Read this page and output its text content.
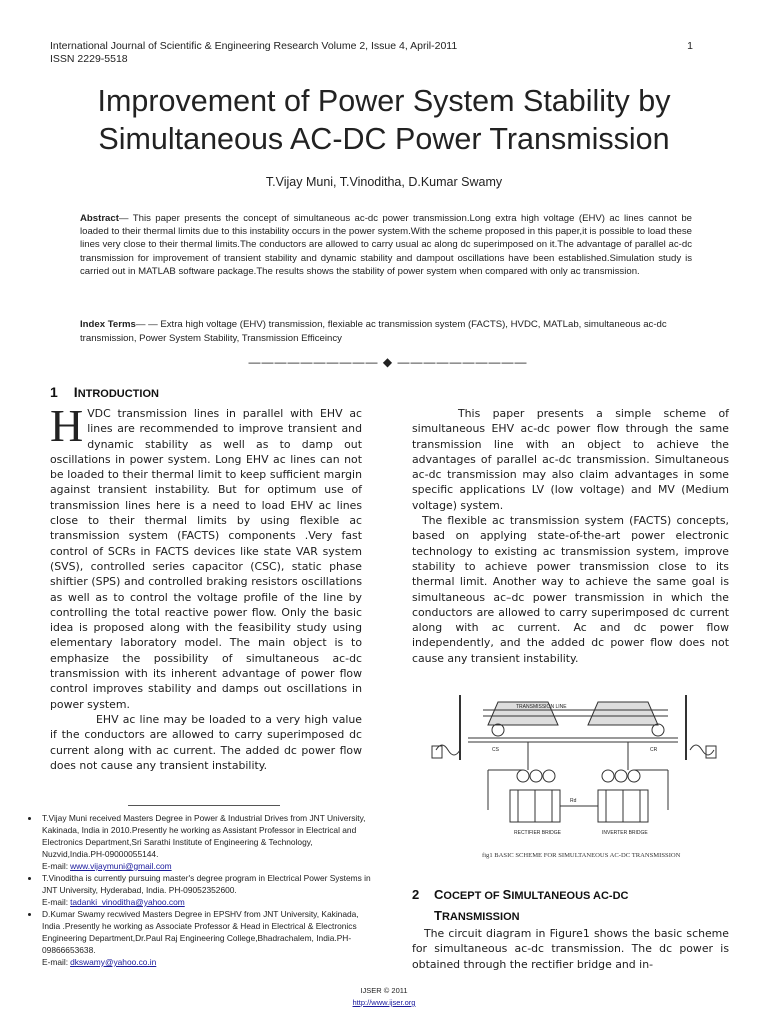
International Journal of Scientific & Engineering Research Volume 2, Issue 4, April-2011
ISSN 2229-5518
1
Improvement of Power System Stability by
Simultaneous AC-DC Power Transmission
T.Vijay Muni, T.Vinoditha, D.Kumar Swamy
Abstract— This paper presents the concept of simultaneous ac-dc power transmission.Long extra high voltage (EHV) ac lines cannot be loaded to their thermal limits due to this instability occurs in the power system.With the scheme proposed in this paper,it is possible to load these lines very close to their thermal limits.The conductors are allowed to carry usual ac along dc superimposed on it.The advantage of parallel ac-dc transmission for improvement of transient stability and dynamic stability and dampout oscillations have been established.Simulation study is carried out in MATLAB software package.The results shows the stability of power system when compared with only ac transmission.
Index Terms— — Extra high voltage (EHV) transmission, flexiable ac transmission system (FACTS), HVDC, MATLab, simultaneous ac-dc transmission, Power System Stability, Transmission Efficeincy
—————————— ◆ ——————————
1 INTRODUCTION

HVDC transmission lines in parallel with EHV ac lines are recommended to improve transient and dynamic stability as well as to damp out oscillations in power system. Long EHV ac lines can not be loaded to their thermal limit to keep sufficient margin against transient instability. But for optimum use of transmission lines here is a need to load EHV ac lines close to their thermal limits by using flexible ac transmission system (FACTS) components .Very fast control of SCRs in FACTS devices like state VAR system (SVS), controlled series capacitor (CSC), static phase shiftier (SPS) and controlled braking resistors oscillations as well as to control the voltage profile of the line by controlling the total reactive power flow. Only the basic idea is proposed along with the feasibility study using elementary laboratory model. The main object is to emphasize the possibility of simultaneous ac-dc transmission with its inherent advantage of power flow control improves stability and damps out oscillations in power system.

EHV ac line may be loaded to a very high value if the conductors are allowed to carry superimposed dc current along with ac current. The added dc power flow does not cause any transient instability.

This paper presents a simple scheme of simultaneous EHV ac-dc power flow through the same transmission line with an object to achieve the advantages of parallel ac-dc transmission. Simultaneous ac-dc transmission may also claim advantages in some specific applications LV (low voltage) and MV (Medium voltage) system.

The flexible ac transmission system (FACTS) concepts, based on applying state-of-the-art power electronic technology to existing ac transmission system, improve stability to achieve power transmission close to its thermal limit. Another way to achieve the same goal is simultaneous ac–dc power transmission in which the conductors are allowed to carry superimposed dc current along with ac current. Ac and dc power flow independently, and the added dc power flow does not cause any transient instability.

TRANSMISSION LINE
CS	CR
Rd
RECTIFIER BRIDGE	INVERTER BRIDGE
fig1 BASIC SCHEME FOR SIMULTANEOUS AC-DC TRANSMISSION
• T.Vijay Muni received Masters Degree in Power & Industrial Drives from JNT University, Kakinada, India in 2010.Presently he working as Assistant Professor in Electrical and Electronics Department,Sri Sarathi Institute of Engineering & Technology, Nuzvid,India.PH-09000055144.
E-mail: www.vijaymuni@gmail.com
• T.Vinoditha is currently pursuing master's degree program in Electrical Power Systems in JNT University, Hyderabad, India. PH-09052352600.
E-mail: tadanki_vinoditha@yahoo.com
• D.Kumar Swamy recwived Masters Degree in EPSHV from JNT University, Kakinada, India .Presently he working as Associate Professor & Head in Electrical & Electronics Engineering Department,Dr.Paul Raj Engineering College,Bhadrachalem, India.PH-09866653638.
E-mail: dkswamy@yahoo.co.in
2 COCEPT OF SIMULTANEOUS AC-DC
TRANSMISSION

The circuit diagram in Figure1 shows the basic scheme for simultaneous ac-dc transmission. The dc power is obtained through the rectifier bridge and in-

IJSER © 2011
http://www.ijser.org
